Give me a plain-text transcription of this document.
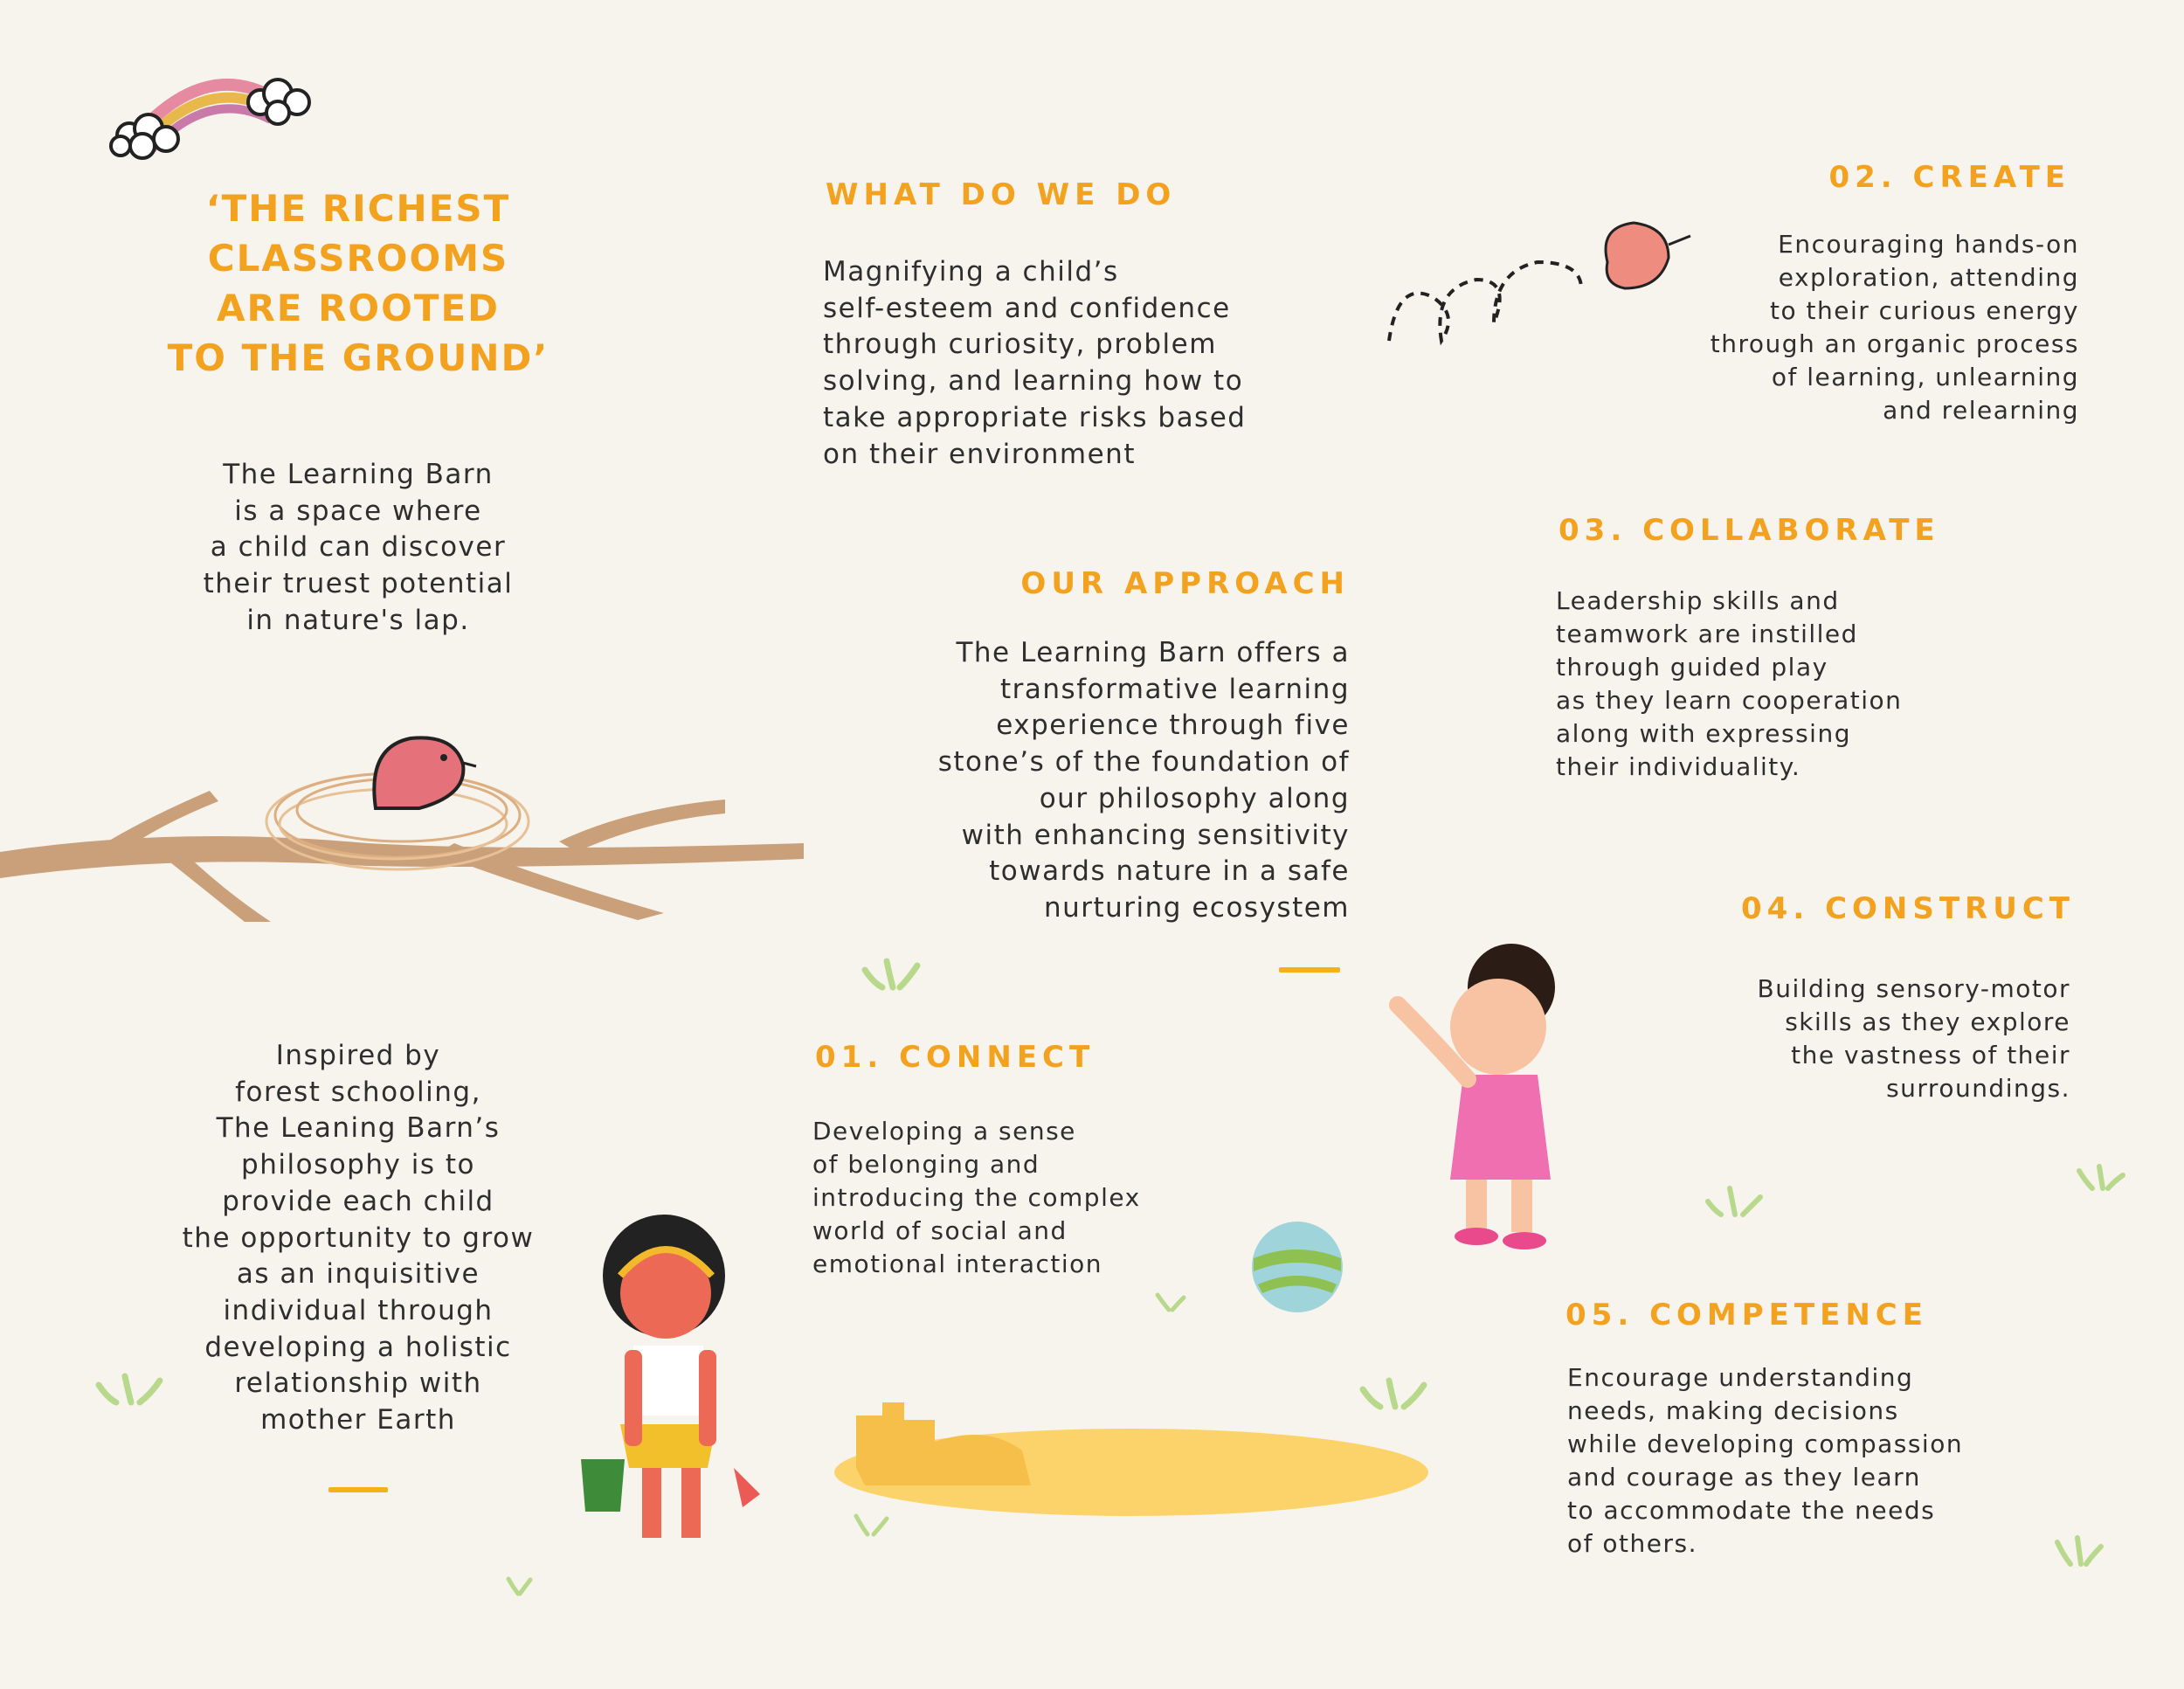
‘THE RICHEST
CLASSROOMS
ARE ROOTED
TO THE GROUND’

The Learning Barn
is a space where
a child can discover
their truest potential
in nature's lap.

Inspired by
forest schooling,
The Leaning Barn’s
philosophy is to
provide each child
the opportunity to grow
as an inquisitive
individual through
developing a holistic
relationship with
mother Earth

WHAT DO WE DO

Magnifying a child’s
self-esteem and confidence
through curiosity, problem
solving, and learning how to
take appropriate risks based
on their environment

OUR APPROACH

The Learning Barn offers a
transformative learning
experience through five
stone’s of the foundation of
our philosophy along
with enhancing sensitivity
towards nature in a safe
nurturing ecosystem

01. CONNECT

Developing a sense
of belonging and
introducing the complex
world of social and
emotional interaction

02. CREATE

Encouraging hands-on
exploration, attending
to their curious energy
through an organic process
of learning, unlearning
and relearning

03. COLLABORATE

Leadership skills and
teamwork are instilled
through guided play
as they learn cooperation
along with expressing
their individuality.

04. CONSTRUCT

Building sensory-motor
skills as they explore
the vastness of their
surroundings.

05. COMPETENCE

Encourage understanding
needs, making decisions
while developing compassion
and courage as they learn
to accommodate the needs
of others.
